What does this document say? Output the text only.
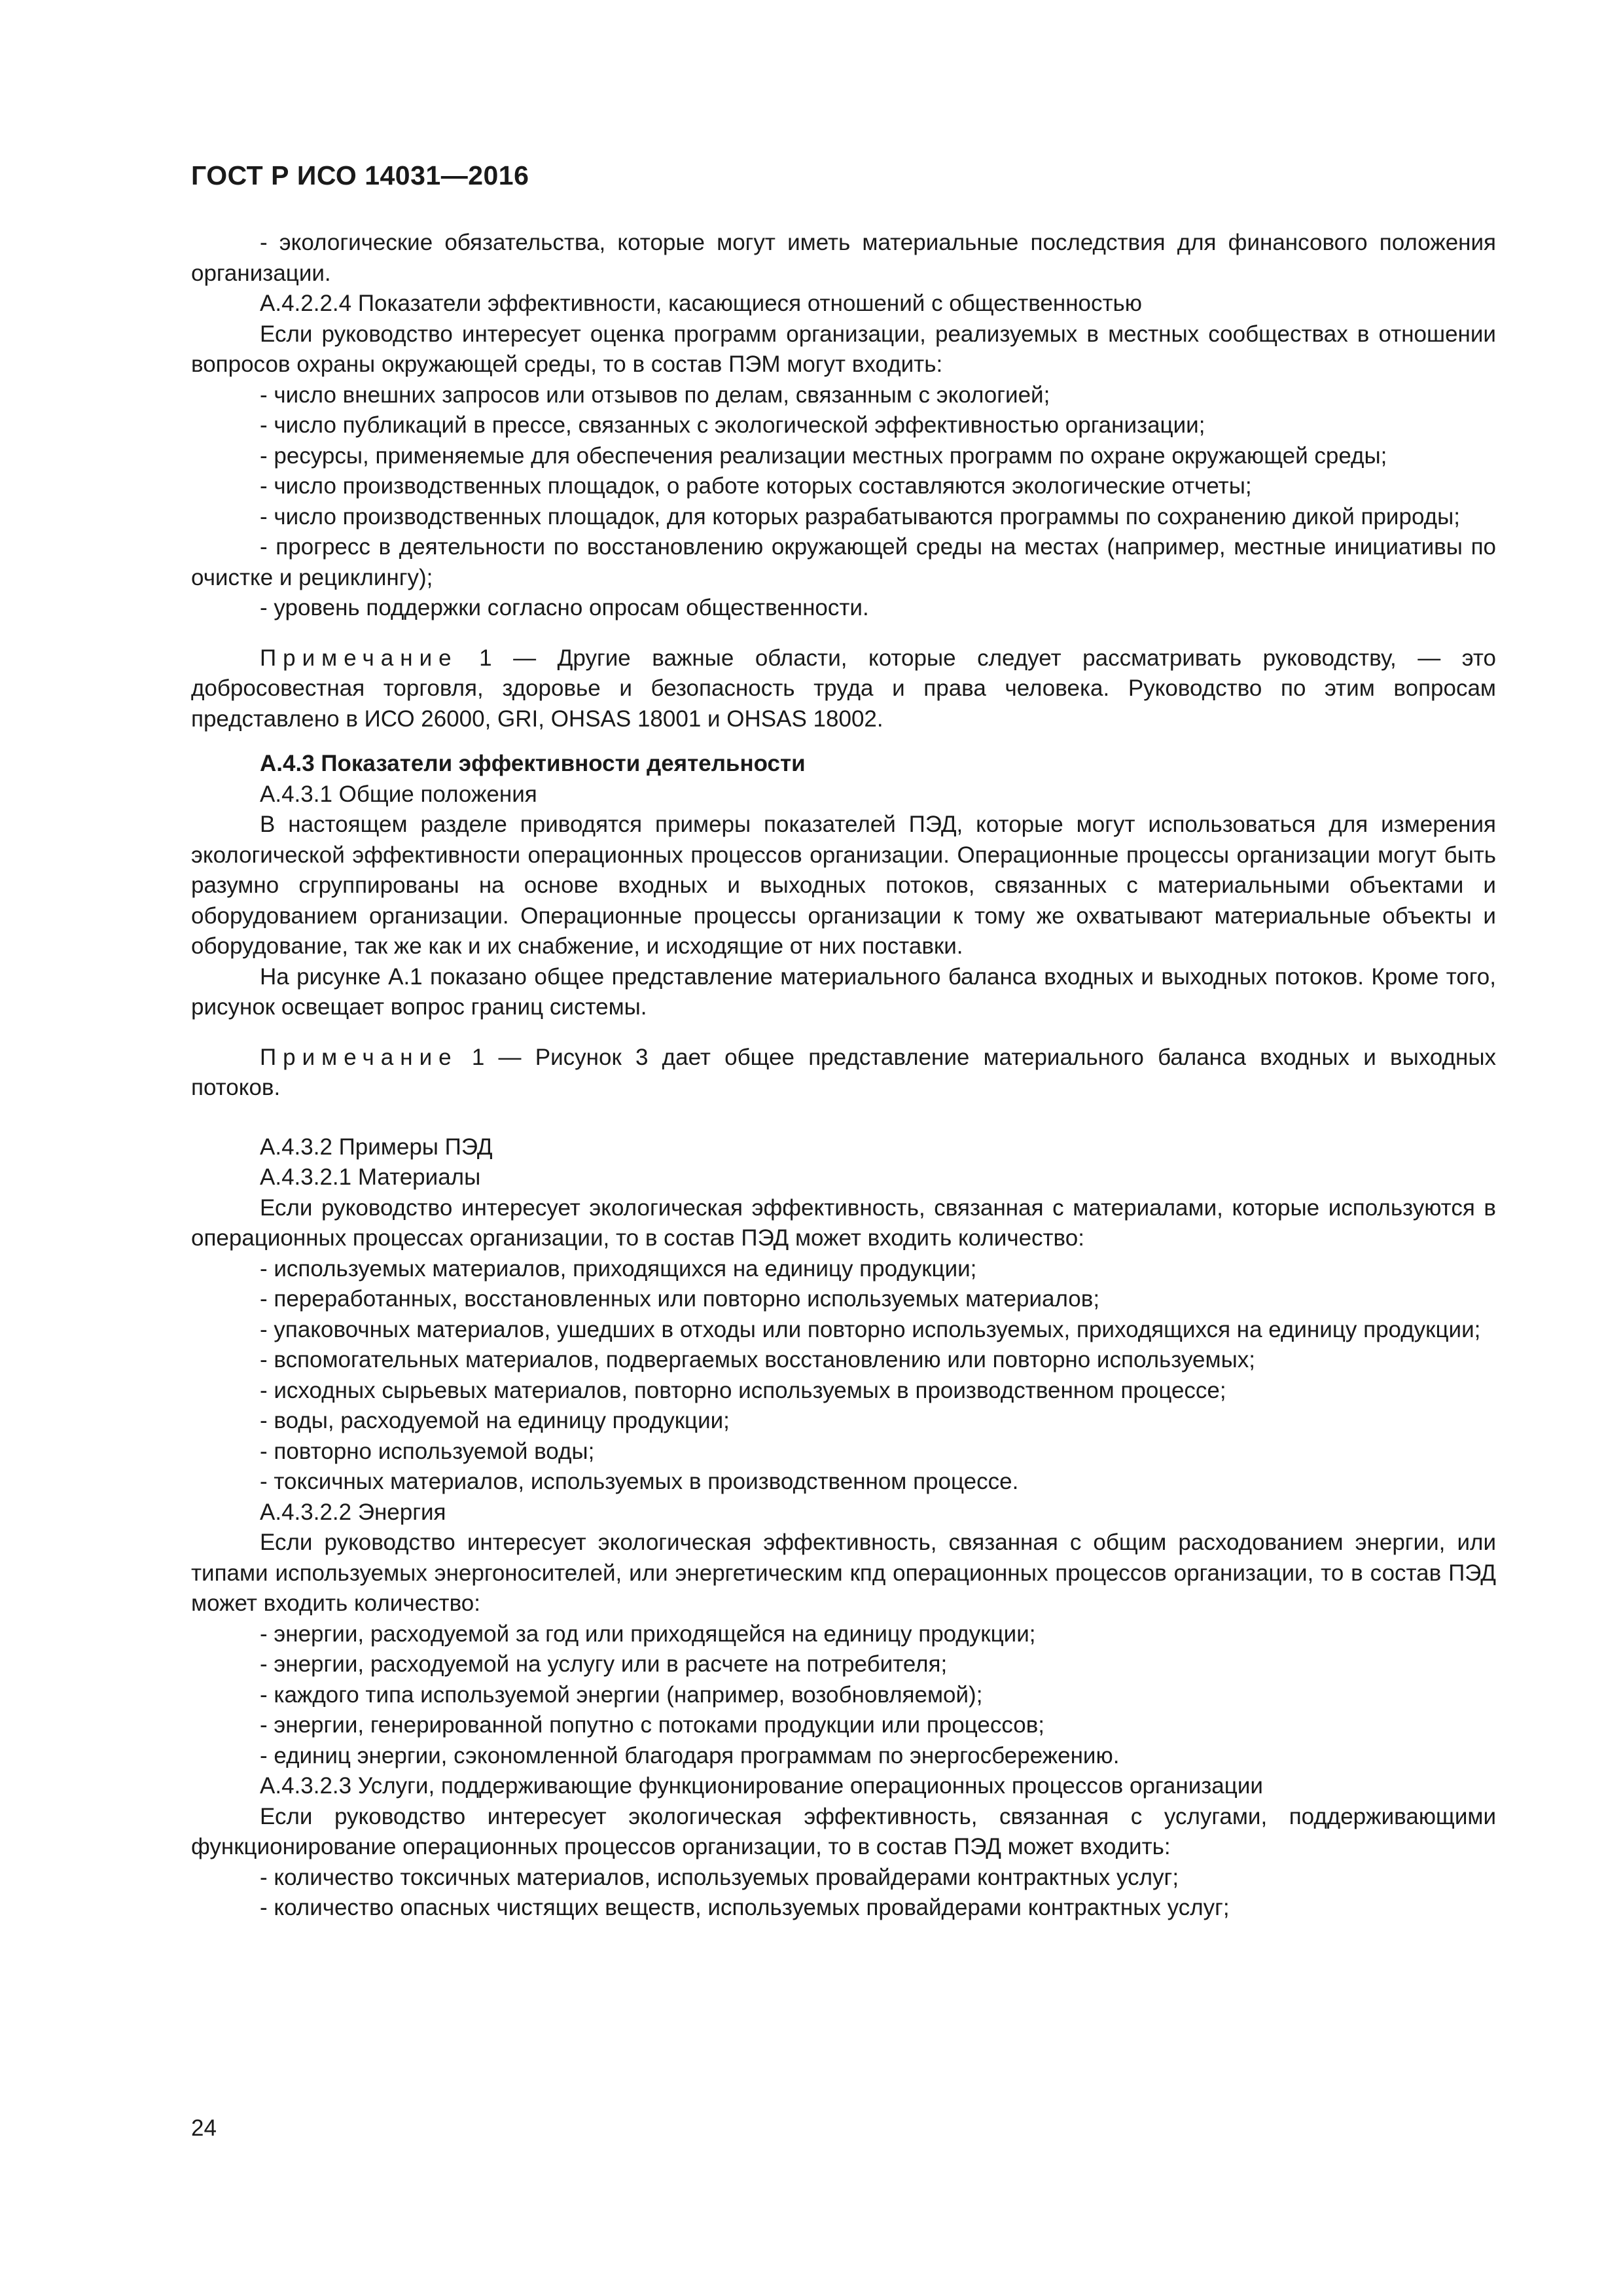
ГОСТ Р ИСО 14031—2016

- экологические обязательства, которые могут иметь материальные последствия для финансового положения организации.

А.4.2.2.4 Показатели эффективности, касающиеся отношений с общественностью

Если руководство интересует оценка программ организации, реализуемых в местных сообществах в отношении вопросов охраны окружающей среды, то в состав ПЭМ могут входить:

- число внешних запросов или отзывов по делам, связанным с экологией;

- число публикаций в прессе, связанных с экологической эффективностью организации;

- ресурсы, применяемые для обеспечения реализации местных программ по охране окружающей среды;

- число производственных площадок, о работе которых составляются экологические отчеты;

- число производственных площадок, для которых разрабатываются программы по сохранению дикой природы;

- прогресс в деятельности по восстановлению окружающей среды на местах (например, местные инициативы по очистке и рециклингу);

- уровень поддержки согласно опросам общественности.

Примечание 1 — Другие важные области, которые следует рассматривать руководству, — это добросовестная торговля, здоровье и безопасность труда и права человека. Руководство по этим вопросам представлено в ИСО 26000, GRI, OHSAS 18001 и OHSAS 18002.

А.4.3 Показатели эффективности деятельности

А.4.3.1 Общие положения

В настоящем разделе приводятся примеры показателей ПЭД, которые могут использоваться для измерения экологической эффективности операционных процессов организации. Операционные процессы организации могут быть разумно сгруппированы на основе входных и выходных потоков, связанных с материальными объектами и оборудованием организации. Операционные процессы организации к тому же охватывают материальные объекты и оборудование, так же как и их снабжение, и исходящие от них поставки.

На рисунке А.1 показано общее представление материального баланса входных и выходных потоков. Кроме того, рисунок освещает вопрос границ системы.

Примечание 1 — Рисунок 3 дает общее представление материального баланса входных и выходных потоков.

А.4.3.2 Примеры ПЭД

А.4.3.2.1 Материалы

Если руководство интересует экологическая эффективность, связанная с материалами, которые используются в операционных процессах организации, то в состав ПЭД может входить количество:

- используемых материалов, приходящихся на единицу продукции;

- переработанных, восстановленных или повторно используемых материалов;

- упаковочных материалов, ушедших в отходы или повторно используемых, приходящихся на единицу продукции;

- вспомогательных материалов, подвергаемых восстановлению или повторно используемых;

- исходных сырьевых материалов, повторно используемых в производственном процессе;

- воды, расходуемой на единицу продукции;

- повторно используемой воды;

- токсичных материалов, используемых в производственном процессе.

А.4.3.2.2 Энергия

Если руководство интересует экологическая эффективность, связанная с общим расходованием энергии, или типами используемых энергоносителей, или энергетическим кпд операционных процессов организации, то в состав ПЭД может входить количество:

- энергии, расходуемой за год или приходящейся на единицу продукции;

- энергии, расходуемой на услугу или в расчете на потребителя;

- каждого типа используемой энергии (например, возобновляемой);

- энергии, генерированной попутно с потоками продукции или процессов;

- единиц энергии, сэкономленной благодаря программам по энергосбережению.

А.4.3.2.3 Услуги, поддерживающие функционирование операционных процессов организации

Если руководство интересует экологическая эффективность, связанная с услугами, поддерживающими функционирование операционных процессов организации, то в состав ПЭД может входить:

- количество токсичных материалов, используемых провайдерами контрактных услуг;

- количество опасных чистящих веществ, используемых провайдерами контрактных услуг;

24
